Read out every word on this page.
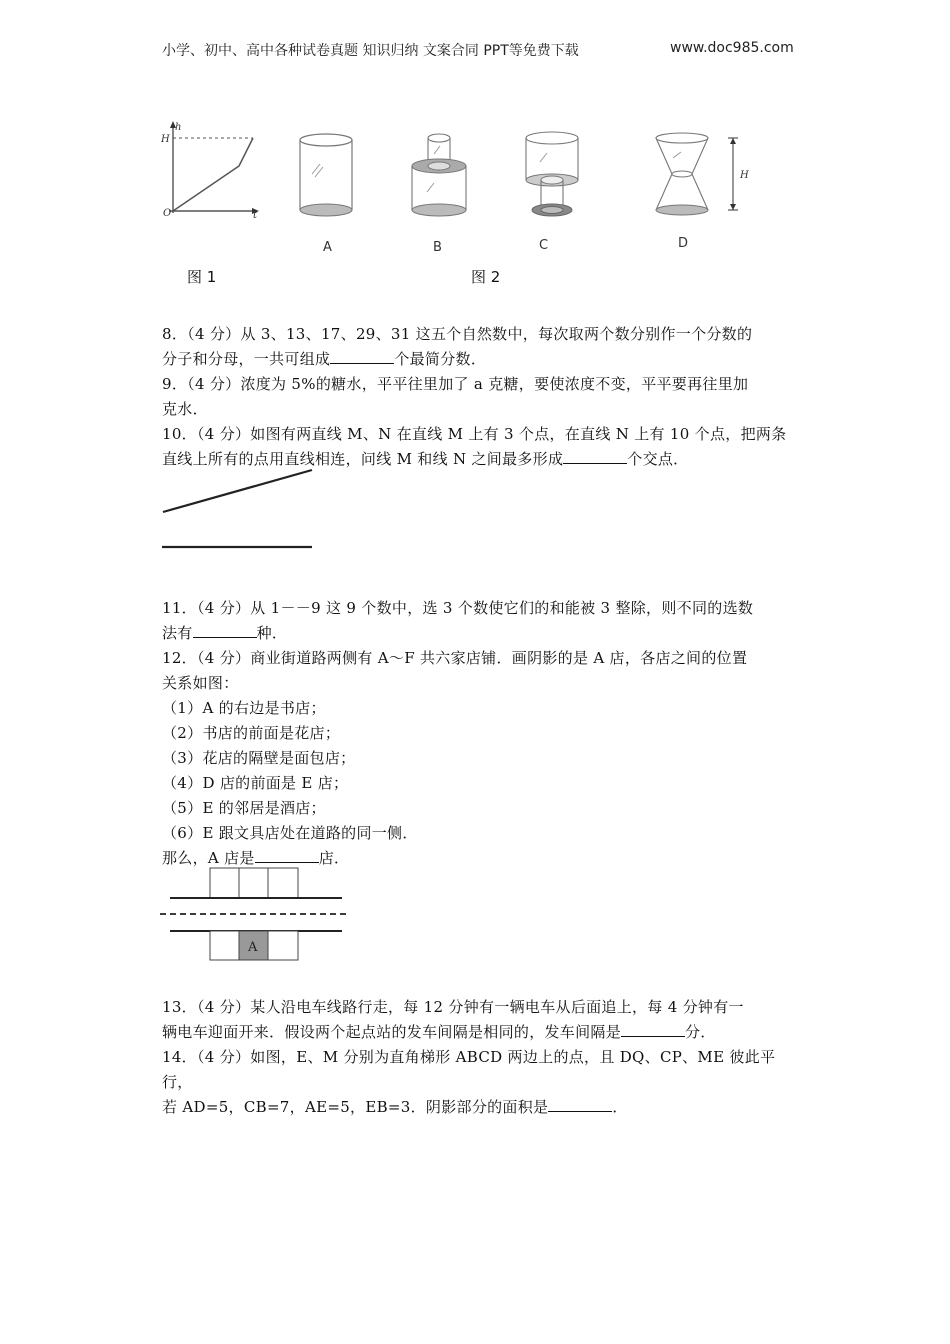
小学、初中、高中各种试卷真题 知识归纳 文案合同 PPT等免费下载	www.doc985.com
h
H
t
O
H
A	B	C	D
图 1	图 2
8．（4 分）从 3、13、17、29、31 这五个自然数中，每次取两个数分别作一个分数的
分子和分母，一共可组成	个最简分数．
9．（4 分）浓度为 5%的糖水，平平往里加了 a 克糖，要使浓度不变，平平要再往里加
克水．
10．（4 分）如图有两直线 M、N 在直线 M 上有 3 个点，在直线 N 上有 10 个点，把两条
直线上所有的点用直线相连，问线 M 和线 N 之间最多形成	个交点．
11．（4 分）从 1－－9 这 9 个数中，选 3 个数使它们的和能被 3 整除，则不同的选数
法有	种．
12．（4 分）商业街道路两侧有 A～F 共六家店铺．画阴影的是 A 店，各店之间的位置
关系如图：
（1）A 的右边是书店；
（2）书店的前面是花店；
（3）花店的隔壁是面包店；
（4）D 店的前面是 E 店；
（5）E 的邻居是酒店；
（6）E 跟文具店处在道路的同一侧．
那么，A 店是	店．
A
13．（4 分）某人沿电车线路行走，每 12 分钟有一辆电车从后面追上，每 4 分钟有一
辆电车迎面开来．假设两个起点站的发车间隔是相同的，发车间隔是	分．
14．（4 分）如图，E、M 分别为直角梯形 ABCD 两边上的点，且 DQ、CP、ME 彼此平行，
若 AD=5，CB=7，AE=5，EB=3．阴影部分的面积是	．
